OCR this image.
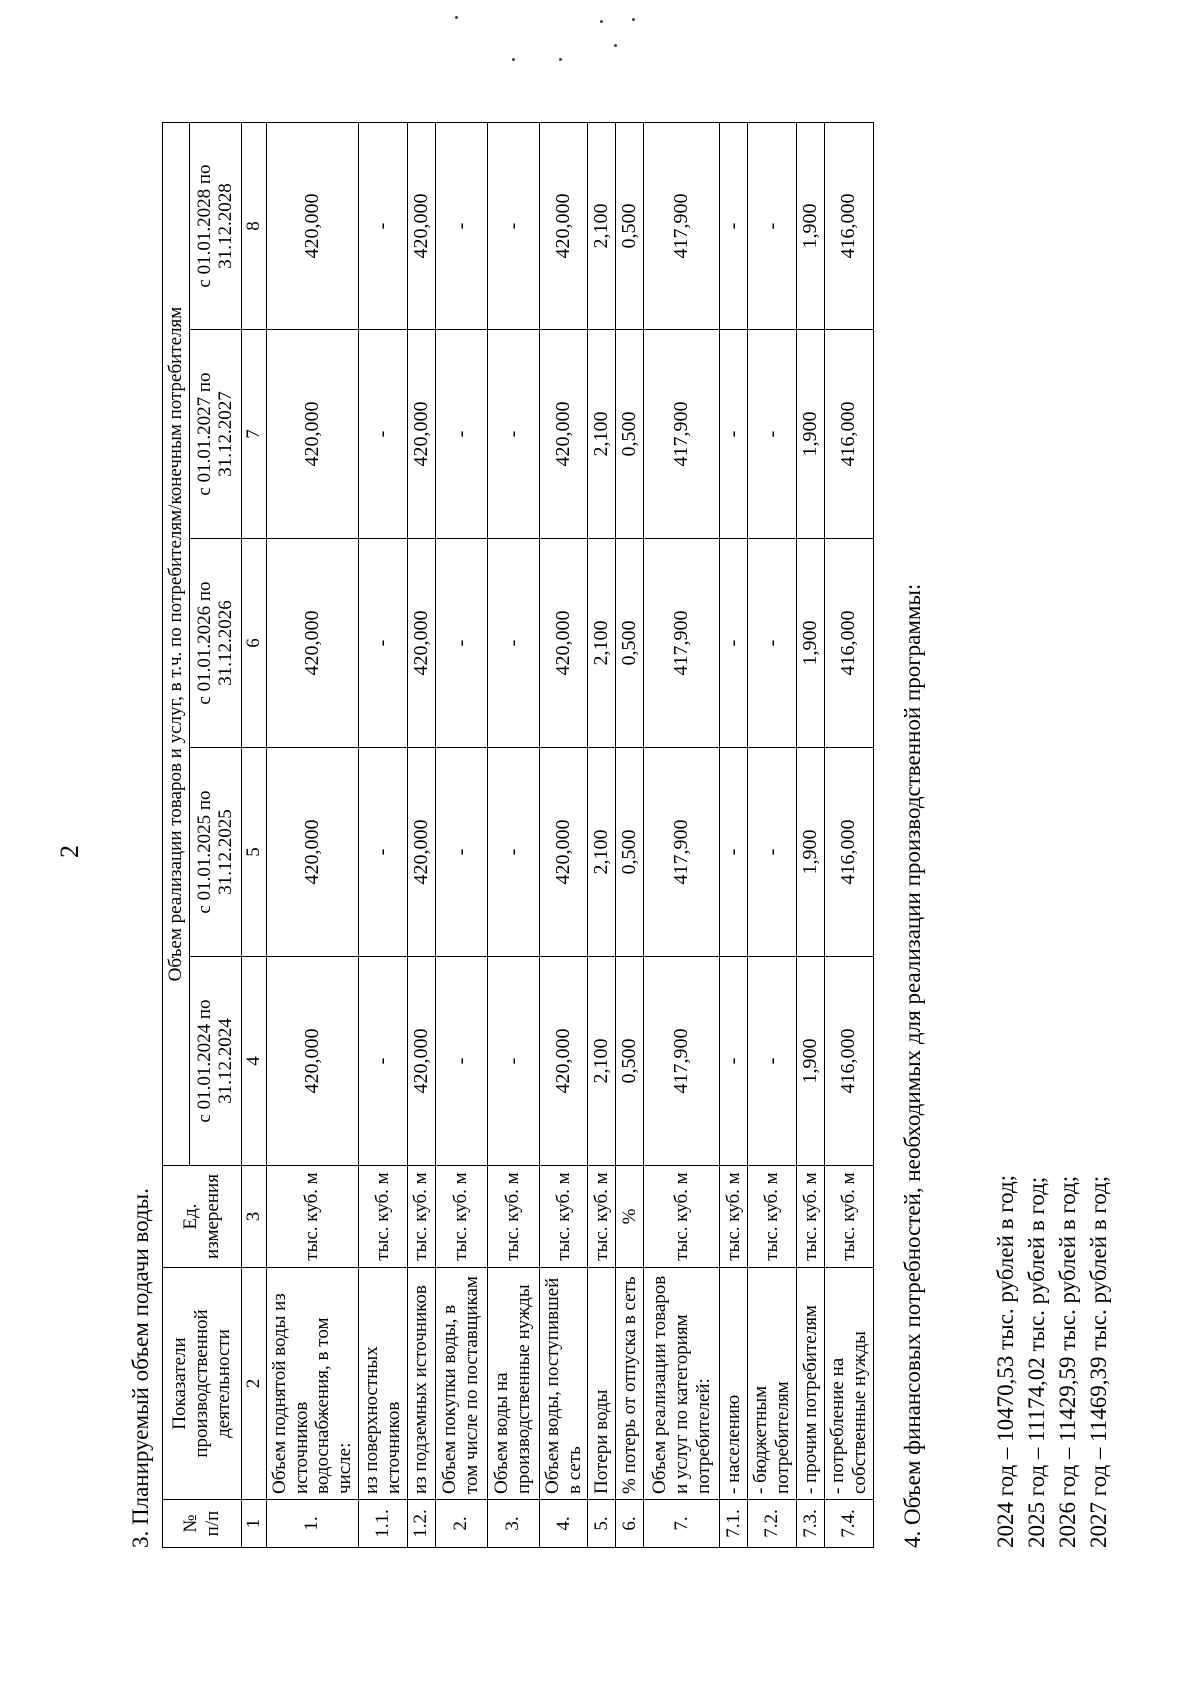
2
3. Планируемый объем подачи воды. № п/п	Показатели производственной деятельности	Ед. измерения	Объем реализации товаров и услуг, в т.ч. по потребителям/конечным потребителям				
			с 01.01.2024 по 31.12.2024	с 01.01.2025 по 31.12.2025	с 01.01.2026 по 31.12.2026	с 01.01.2027 по 31.12.2027	с 01.01.2028 по 31.12.2028
1	2	3	4	5	6	7	8
1.	Объем поднятой воды из источников водоснабжения, в том числе:	тыс. куб. м	420,000	420,000	420,000	420,000	420,000
1.1.	из поверхностных источников	тыс. куб. м	-	-	-	-	-
1.2.	из подземных источников	тыс. куб. м	420,000	420,000	420,000	420,000	420,000
2.	Объем покупки воды, в том числе по поставщикам	тыс. куб. м	-	-	-	-	-
3.	Объем воды на производственные нужды	тыс. куб. м	-	-	-	-	-
4.	Объем воды, поступившей в сеть	тыс. куб. м	420,000	420,000	420,000	420,000	420,000
5.	Потери воды	тыс. куб. м	2,100	2,100	2,100	2,100	2,100
6.	% потерь от отпуска в сеть	%	0,500	0,500	0,500	0,500	0,500
7.	Объем реализации товаров и услуг по категориям потребителей:	тыс. куб. м	417,900	417,900	417,900	417,900	417,900
7.1.	- населению	тыс. куб. м	-	-	-	-	-
7.2.	- бюджетным потребителям	тыс. куб. м	-	-	-	-	-
7.3.	- прочим потребителям	тыс. куб. м	1,900	1,900	1,900	1,900	1,900
7.4.	- потребление на собственные нужды	тыс. куб. м	416,000	416,000	416,000	416,000	416,000
4. Объем финансовых потребностей, необходимых для реализации производственной программы:	2024 год – 10470,53 тыс. рублей в год; 2025 год – 11174,02 тыс. рублей в год; 2026 год – 11429,59 тыс. рублей в год; 2027 год – 11469,39 тыс. рублей в год;
